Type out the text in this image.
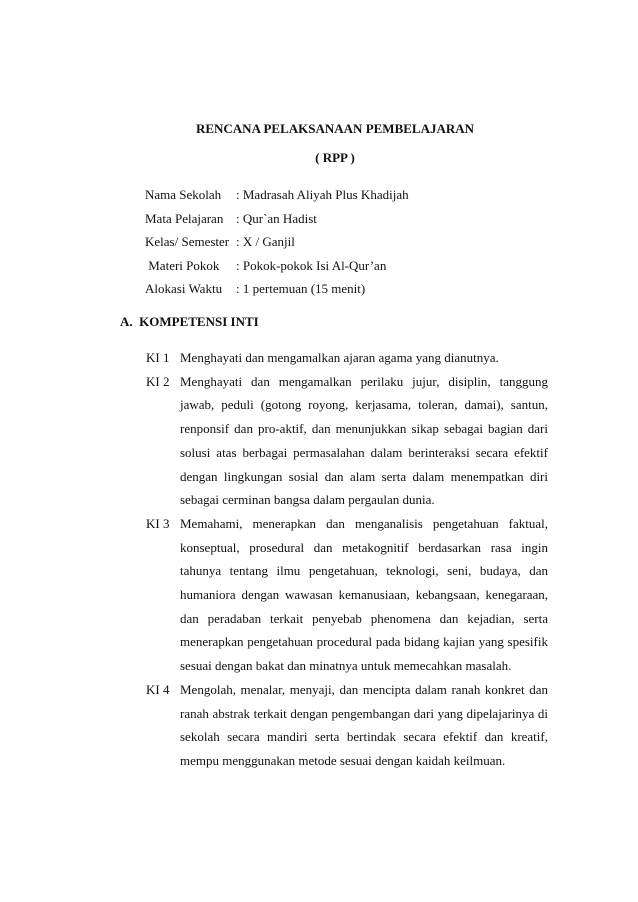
RENCANA PELAKSANAAN PEMBELAJARAN
( RPP )
Nama Sekolah : Madrasah Aliyah Plus Khadijah
Mata Pelajaran : Qur`an Hadist
Kelas/ Semester : X / Ganjil
Materi Pokok : Pokok-pokok Isi Al-Qur’an
Alokasi Waktu : 1 pertemuan (15 menit)
A.  KOMPETENSI INTI
KI 1 Menghayati dan mengamalkan ajaran agama yang dianutnya.
KI 2 Menghayati dan mengamalkan perilaku jujur, disiplin, tanggung jawab, peduli (gotong royong, kerjasama, toleran, damai), santun, renponsif dan pro-aktif, dan menunjukkan sikap sebagai bagian dari solusi atas berbagai permasalahan dalam berinteraksi secara efektif dengan lingkungan sosial dan alam serta dalam menempatkan diri sebagai cerminan bangsa dalam pergaulan dunia.
KI 3 Memahami, menerapkan dan menganalisis pengetahuan faktual, konseptual, prosedural dan metakognitif berdasarkan rasa ingin tahunya tentang ilmu pengetahuan, teknologi, seni, budaya, dan humaniora dengan wawasan kemanusiaan, kebangsaan, kenegaraan, dan peradaban terkait penyebab phenomena dan kejadian, serta menerapkan pengetahuan procedural pada bidang kajian yang spesifik sesuai dengan bakat dan minatnya untuk memecahkan masalah.
KI 4 Mengolah, menalar, menyaji, dan mencipta dalam ranah konkret dan ranah abstrak terkait dengan pengembangan dari yang dipelajarinya di sekolah secara mandiri serta bertindak secara efektif dan kreatif, mempu menggunakan metode sesuai dengan kaidah keilmuan.
